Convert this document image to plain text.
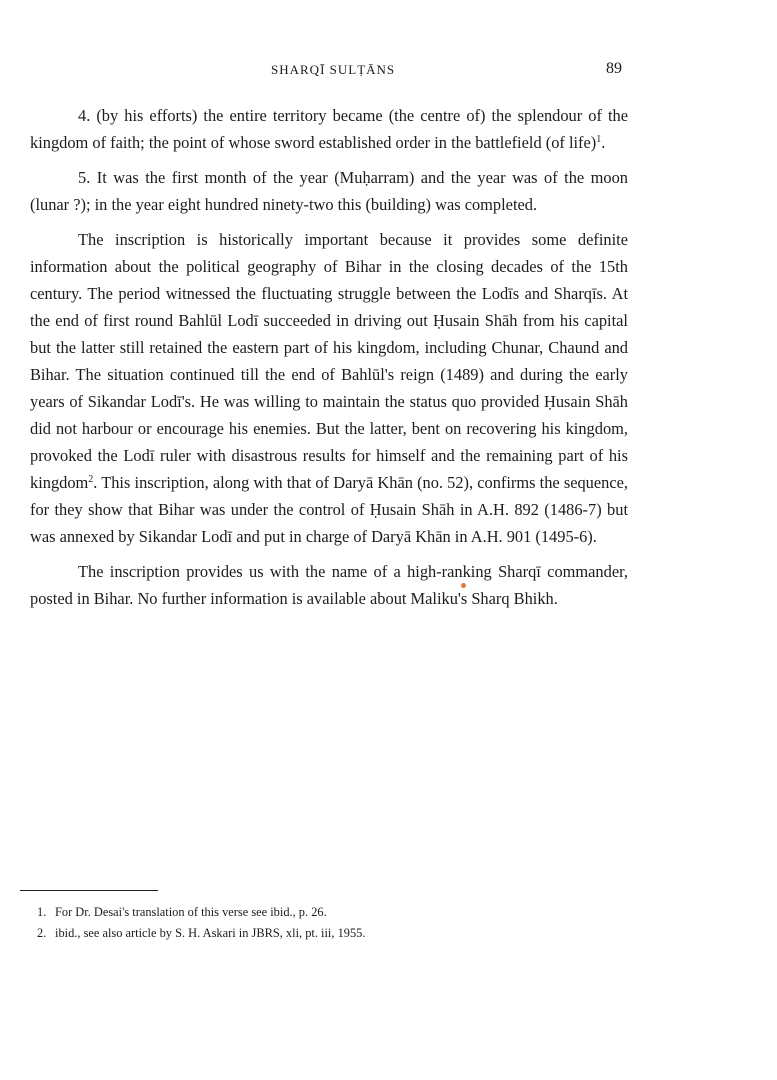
SHARQĪ SULṬĀNS	89

4. (by his efforts) the entire territory became (the centre of) the splendour of the kingdom of faith; the point of whose sword established order in the battlefield (of life)$^1$.

5. It was the first month of the year (Muḥarram) and the year was of the moon (lunar ?); in the year eight hundred ninety-two this (building) was completed.

The inscription is historically important because it provides some definite information about the political geography of Bihar in the closing decades of the 15th century. The period witnessed the fluctuating struggle between the Lodīs and Sharqīs. At the end of first round Bahlūl Lodī succeeded in driving out Ḥusain Shāh from his capital but the latter still retained the eastern part of his kingdom, including Chunar, Chaund and Bihar. The situation continued till the end of Bahlūl's reign (1489) and during the early years of Sikandar Lodī's. He was willing to maintain the status quo provided Ḥusain Shāh did not harbour or encourage his enemies. But the latter, bent on recovering his kingdom, provoked the Lodī ruler with disastrous results for himself and the remaining part of his kingdom$^2$. This inscription, along with that of Daryā Khān (no. 52), confirms the sequence, for they show that Bihar was under the control of Ḥusain Shāh in A.H. 892 (1486-7) but was annexed by Sikandar Lodī and put in charge of Daryā Khān in A.H. 901 (1495-6).

The inscription provides us with the name of a high-ranking Sharqī commander, posted in Bihar. No further information is available about Maliku's Sharq Bhikh.

1. For Dr. Desai's translation of this verse see ibid., p. 26.
2. ibid., see also article by S. H. Askari in JBRS, xli, pt. iii, 1955.
